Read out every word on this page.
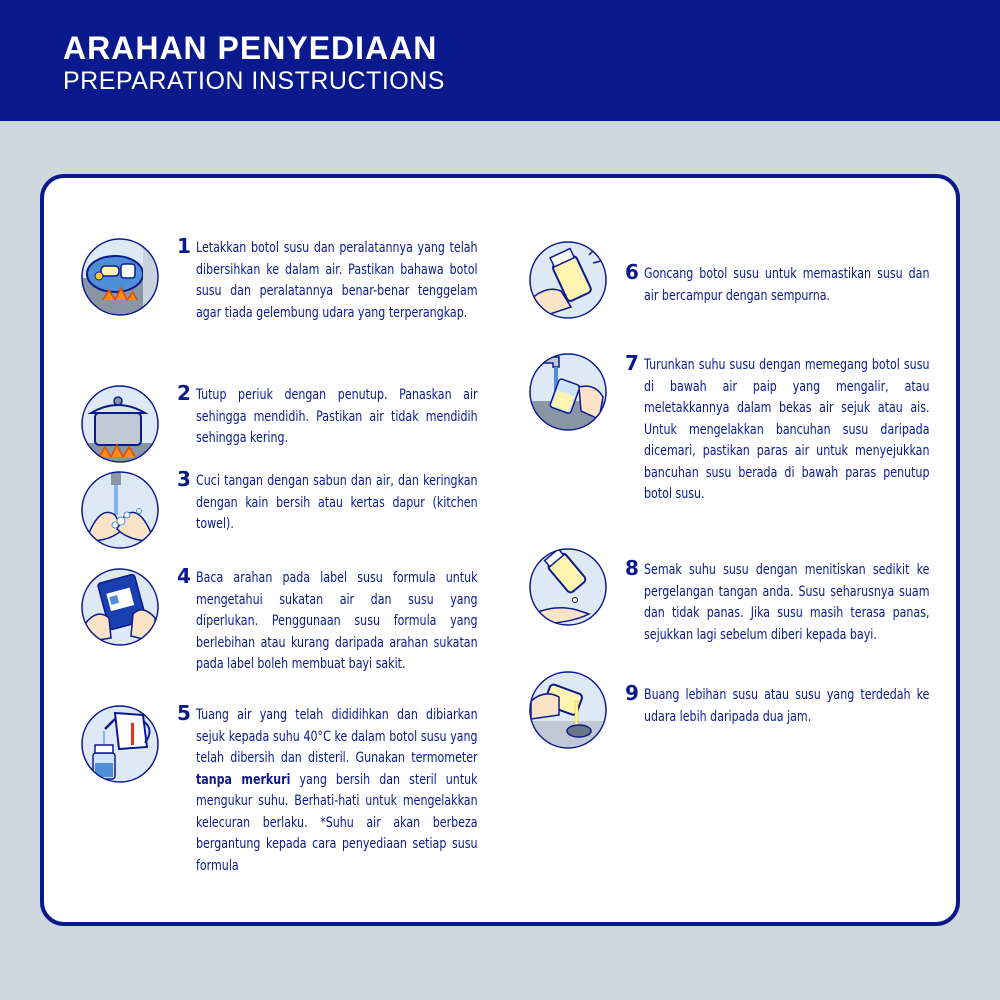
ARAHAN PENYEDIAAN
PREPARATION INSTRUCTIONS
1 Letakkan botol susu dan peralatannya yang telah dibersihkan ke dalam air. Pastikan bahawa botol susu dan peralatannya benar-benar tenggelam agar tiada gelembung udara yang terperangkap.
2 Tutup periuk dengan penutup. Panaskan air sehingga mendidih. Pastikan air tidak mendidih sehingga kering.
3 Cuci tangan dengan sabun dan air, dan keringkan dengan kain bersih atau kertas dapur (kitchen towel).
4 Baca arahan pada label susu formula untuk mengetahui sukatan air dan susu yang diperlukan. Penggunaan susu formula yang berlebihan atau kurang daripada arahan sukatan pada label boleh membuat bayi sakit.
5 Tuang air yang telah dididihkan dan dibiarkan sejuk kepada suhu 40°C ke dalam botol susu yang telah dibersih dan disteril. Gunakan termometer tanpa merkuri yang bersih dan steril untuk mengukur suhu. Berhati-hati untuk mengelakkan kelecuran berlaku. *Suhu air akan berbeza bergantung kepada cara penyediaan setiap susu formula
6 Goncang botol susu untuk memastikan susu dan air bercampur dengan sempurna.
7 Turunkan suhu susu dengan memegang botol susu di bawah air paip yang mengalir, atau meletakkannya dalam bekas air sejuk atau ais. Untuk mengelakkan bancuhan susu daripada dicemari, pastikan paras air untuk menyejukkan bancuhan susu berada di bawah paras penutup botol susu.
8 Semak suhu susu dengan menitiskan sedikit ke pergelangan tangan anda. Susu seharusnya suam dan tidak panas. Jika susu masih terasa panas, sejukkan lagi sebelum diberi kepada bayi.
9 Buang lebihan susu atau susu yang terdedah ke udara lebih daripada dua jam.
